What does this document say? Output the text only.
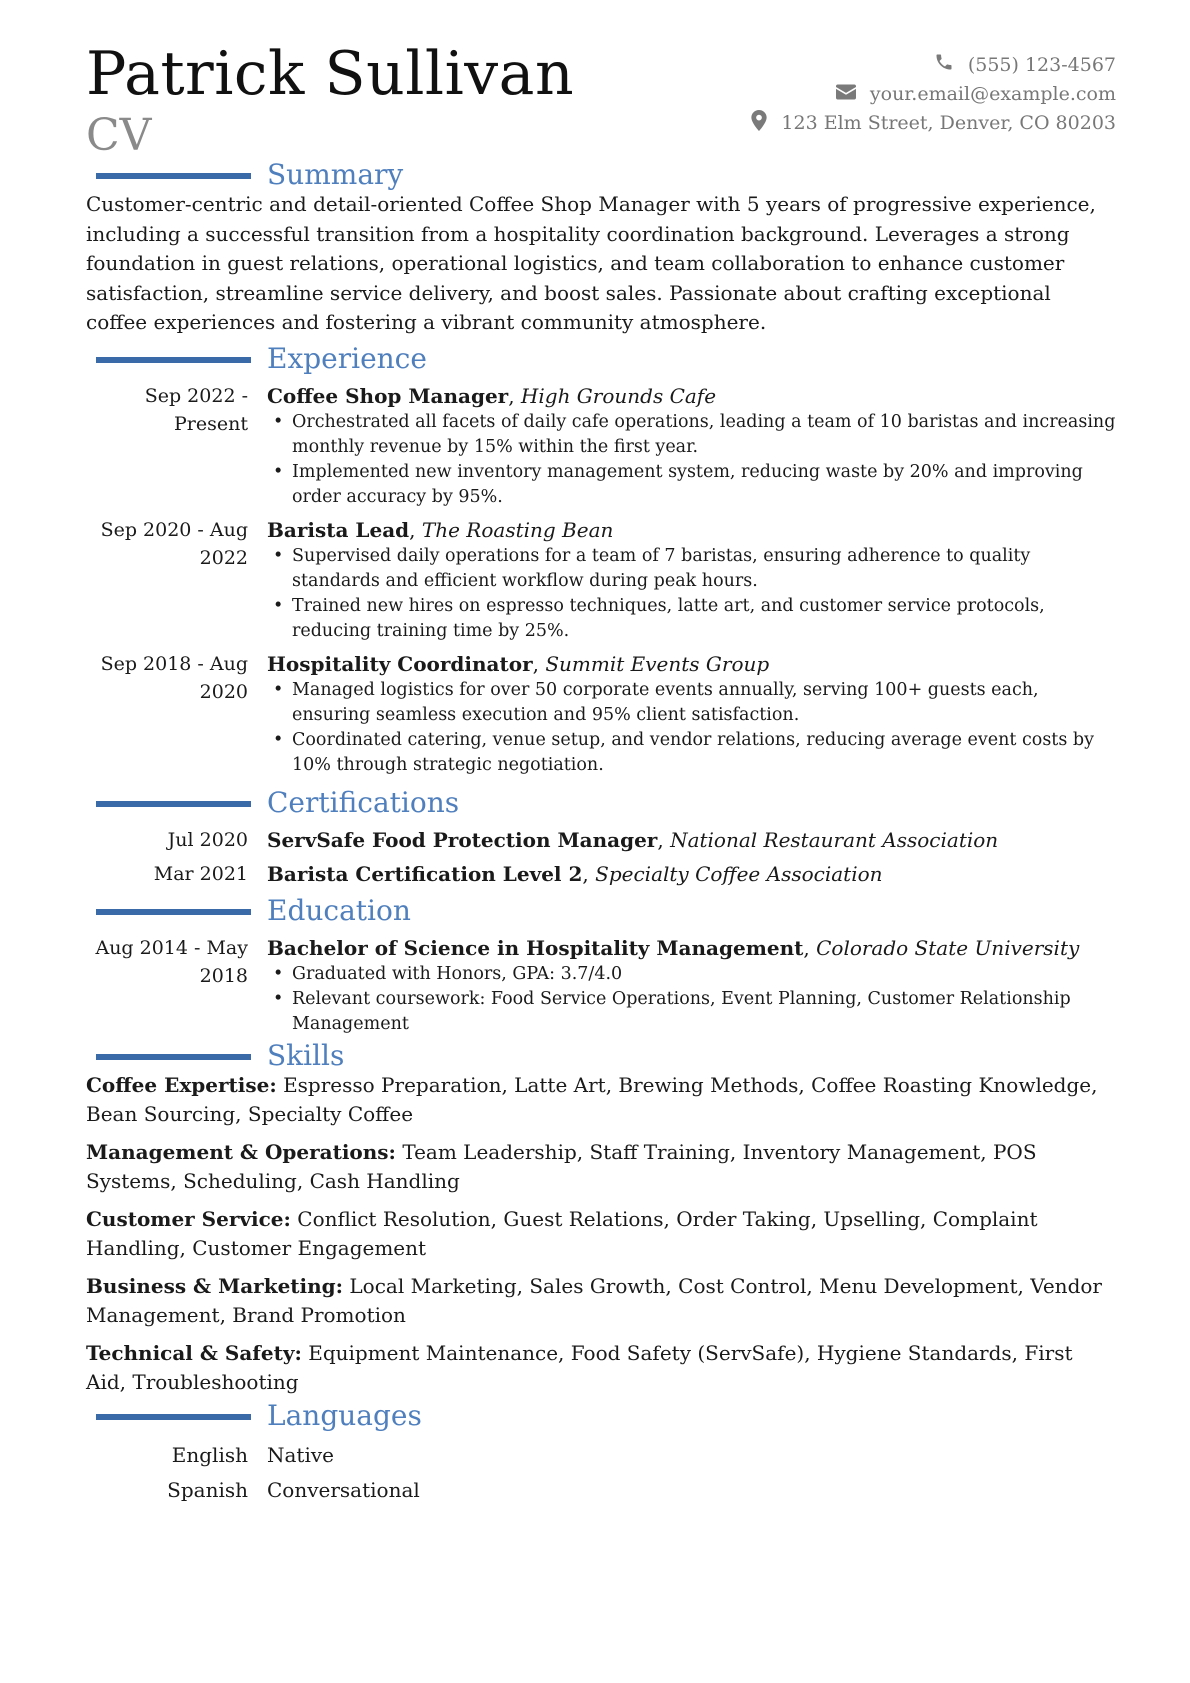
Patrick Sullivan
CV
(555) 123-4567
your.email@example.com
123 Elm Street, Denver, CO 80203
Summary

Customer-centric and detail-oriented Coffee Shop Manager with 5 years of progressive experience, including a successful transition from a hospitality coordination background. Leverages a strong foundation in guest relations, operational logistics, and team collaboration to enhance customer satisfaction, streamline service delivery, and boost sales. Passionate about crafting exceptional coffee experiences and fostering a vibrant community atmosphere.

Experience
Sep 2022 - Present
Coffee Shop Manager, High Grounds Cafe
• Orchestrated all facets of daily cafe operations, leading a team of 10 baristas and increasing monthly revenue by 15% within the first year.
• Implemented new inventory management system, reducing waste by 20% and improving order accuracy by 95%.
Sep 2020 - Aug 2022
Barista Lead, The Roasting Bean
• Supervised daily operations for a team of 7 baristas, ensuring adherence to quality standards and efficient workflow during peak hours.
• Trained new hires on espresso techniques, latte art, and customer service protocols, reducing training time by 25%.
Sep 2018 - Aug 2020
Hospitality Coordinator, Summit Events Group
• Managed logistics for over 50 corporate events annually, serving 100+ guests each, ensuring seamless execution and 95% client satisfaction.
• Coordinated catering, venue setup, and vendor relations, reducing average event costs by 10% through strategic negotiation.
Certifications
Jul 2020 ServSafe Food Protection Manager, National Restaurant Association
Mar 2021 Barista Certification Level 2, Specialty Coffee Association
Education
Aug 2014 - May 2018
Bachelor of Science in Hospitality Management, Colorado State University
• Graduated with Honors, GPA: 3.7/4.0
• Relevant coursework: Food Service Operations, Event Planning, Customer Relationship Management
Skills
Coffee Expertise: Espresso Preparation, Latte Art, Brewing Methods, Coffee Roasting Knowledge, Bean Sourcing, Specialty Coffee
Management & Operations: Team Leadership, Staff Training, Inventory Management, POS Systems, Scheduling, Cash Handling
Customer Service: Conflict Resolution, Guest Relations, Order Taking, Upselling, Complaint Handling, Customer Engagement
Business & Marketing: Local Marketing, Sales Growth, Cost Control, Menu Development, Vendor Management, Brand Promotion
Technical & Safety: Equipment Maintenance, Food Safety (ServSafe), Hygiene Standards, First Aid, Troubleshooting
Languages
English Native
Spanish Conversational
